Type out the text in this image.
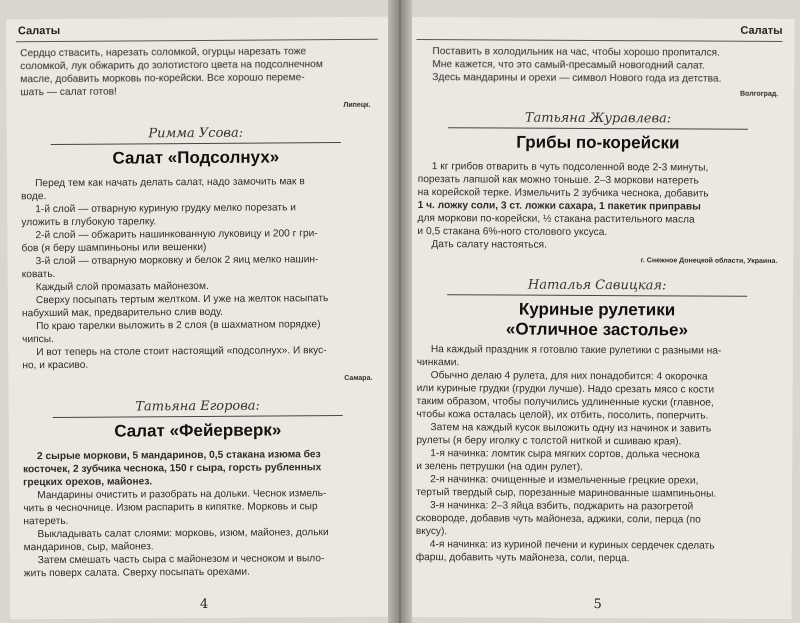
Салаты
Сердцо ствасить, нарезать соломкой, огурцы нарезать тоже
соломкой, лук обжарить до золотистого цвета на подсолнечном
масле, добавить морковь по-корейски. Все хорошо переме-
шать — салат готов!
Липецк.
Римма Усова:
Салат «Подсолнух»
Перед тем как начать делать салат, надо замочить мак в
воде.
1-й слой — отварную куриную грудку мелко порезать и
уложить в глубокую тарелку.
2-й слой — обжарить нашинкованную луковицу и 200 г гри-
бов (я беру шампиньоны или вешенки)
3-й слой — отварную морковку и белок 2 яиц мелко нашин-
ковать.
Каждый слой промазать майонезом.
Сверху посыпать тертым желтком. И уже на желток насыпать
набухший мак, предварительно слив воду.
По краю тарелки выложить в 2 слоя (в шахматном порядке)
чипсы.
И вот теперь на столе стоит настоящий «подсолнух». И вкус-
но, и красиво.
Самара.
Татьяна Егорова:
Салат «Фейерверк»
2 сырые моркови, 5 мандаринов, 0,5 стакана изюма без
косточек, 2 зубчика чеснока, 150 г сыра, горсть рубленных
грецких орехов, майонез.
Мандарины очистить и разобрать на дольки. Чеснок измель-
чить в чесночнице. Изюм распарить в кипятке. Морковь и сыр
натереть.
Выкладывать салат слоями: морковь, изюм, майонез, дольки
мандаринов, сыр, майонез.
Затем смешать часть сыра с майонезом и чесноком и выло-
жить поверх салата. Сверху посыпать орехами.
4
Салаты
Поставить в холодильник на час, чтобы хорошо пропитался.
Мне кажется, что это самый-пресамый новогодний салат.
Здесь мандарины и орехи — символ Нового года из детства.
Волгоград.
Татьяна Журавлева:
Грибы по-корейски
1 кг грибов отварить в чуть подсоленной воде 2-3 минуты,
порезать лапшой как можно тоньше. 2–3 моркови натереть
на корейской терке. Измельчить 2 зубчика чеснока, добавить
1 ч. ложку соли, 3 ст. ложки сахара, 1 пакетик приправы
для моркови по-корейски, ½ стакана растительного масла
и 0,5 стакана 6%-ного столового уксуса.
Дать салату настояться.
г. Снежное Донецкой области, Украина.
Наталья Савицкая:
Куриные рулетики
«Отличное застолье»
На каждый праздник я готовлю такие рулетики с разными на-
чинками.
Обычно делаю 4 рулета, для них понадобится: 4 окорочка
или куриные грудки (грудки лучше). Надо срезать мясо с кости
таким образом, чтобы получились удлиненные куски (главное,
чтобы кожа осталась целой), их отбить, посолить, поперчить.
Затем на каждый кусок выложить одну из начинок и завить
рулеты (я беру иголку с толстой ниткой и сшиваю края).
1-я начинка: ломтик сыра мягких сортов, долька чеснока
и зелень петрушки (на один рулет).
2-я начинка: очищенные и измельченные грецкие орехи,
тертый твердый сыр, порезанные маринованные шампиньоны.
3-я начинка: 2–3 яйца взбить, поджарить на разогретой
сковороде, добавив чуть майонеза, аджики, соли, перца (по
вкусу).
4-я начинка: из куриной печени и куриных сердечек сделать
фарш, добавить чуть майонеза, соли, перца.
5
